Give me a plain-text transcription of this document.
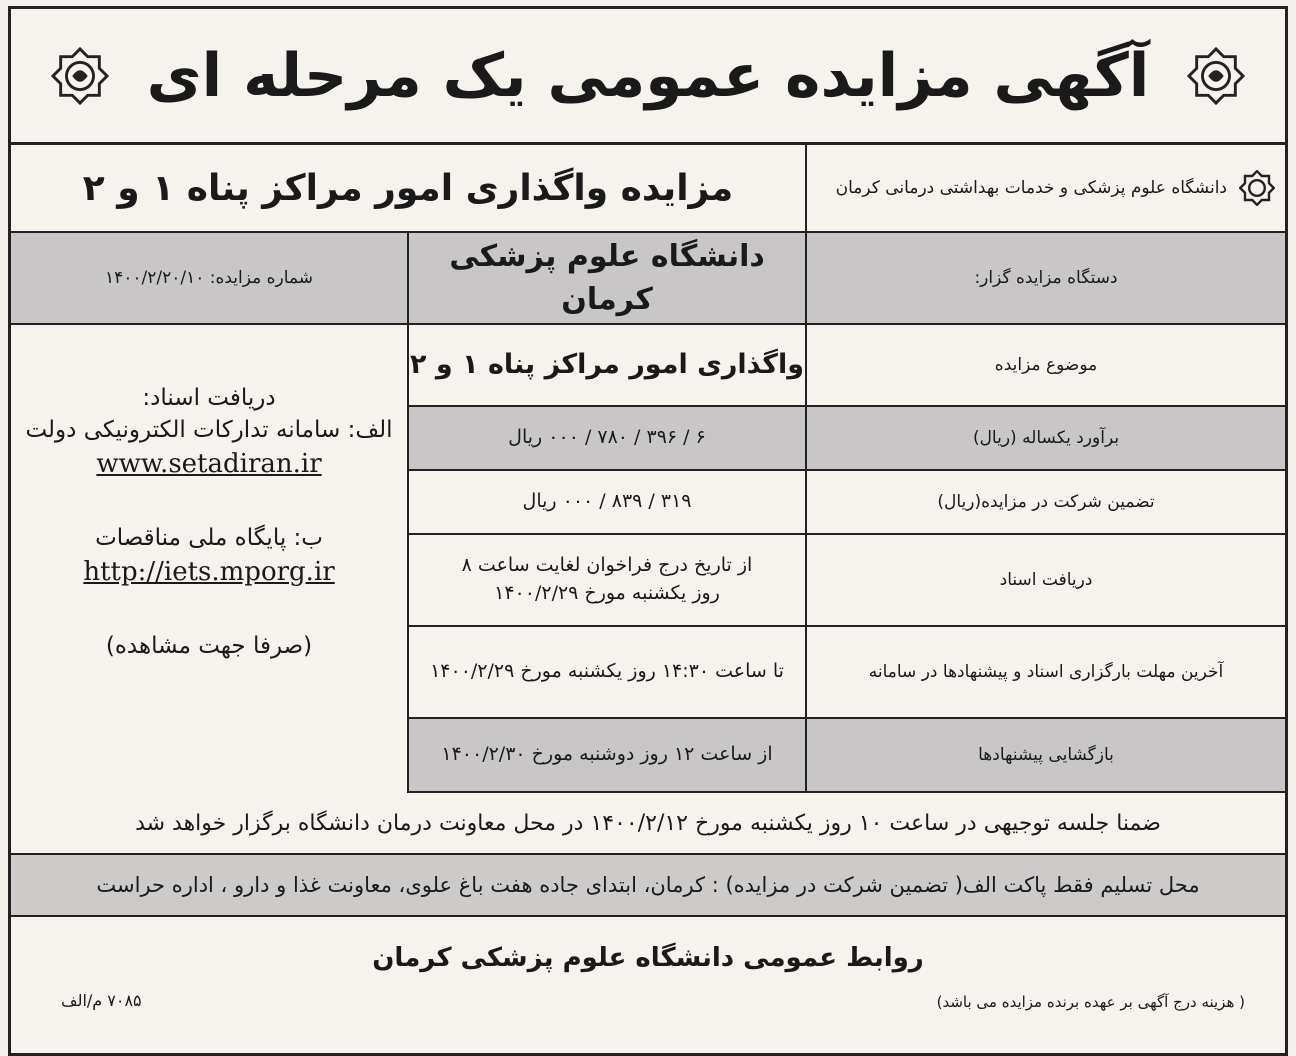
آگهی مزایده عمومی یک مرحله ای
دانشگاه علوم پزشکی و خدمات بهداشتی درمانی کرمان
مزایده واگذاری امور مراکز پناه ۱ و ۲
دستگاه مزایده گزار:
دانشگاه علوم پزشکی کرمان
موضوع مزایده
واگذاری امور مراکز پناه ۱ و ۲
برآورد یکساله (ریال)
۶ / ۳۹۶ / ۷۸۰ / ۰۰۰ ریال
تضمین شرکت در مزایده(ریال)
۳۱۹ / ۸۳۹ / ۰۰۰ ریال
دریافت اسناد
از تاریخ درج فراخوان لغایت ساعت ۸
روز یکشنبه مورخ ۱۴۰۰/۲/۲۹
آخرین مهلت بارگزاری اسناد و پیشنهادها در سامانه
تا ساعت ۱۴:۳۰ روز یکشنبه مورخ ۱۴۰۰/۲/۲۹
بازگشایی پیشنهادها
از ساعت ۱۲ روز دوشنبه مورخ ۱۴۰۰/۲/۳۰
شماره مزایده: ۱۴۰۰/۲/۲۰/۱۰
دریافت اسناد:
الف: سامانه تدارکات الکترونیکی دولت
www.setadiran.ir
ب: پایگاه ملی مناقصات
http://iets.mporg.ir
(صرفا جهت مشاهده)
ضمنا جلسه توجیهی در ساعت ۱۰ روز یکشنبه مورخ ۱۴۰۰/۲/۱۲ در محل معاونت درمان دانشگاه برگزار خواهد شد
محل تسلیم فقط پاکت الف( تضمین شرکت در مزایده) : کرمان، ابتدای جاده هفت باغ علوی، معاونت غذا و دارو ، اداره حراست
روابط عمومی دانشگاه علوم پزشکی کرمان
( هزینه درج آگهی بر عهده برنده مزایده می باشد)
۷۰۸۵ م/الف
